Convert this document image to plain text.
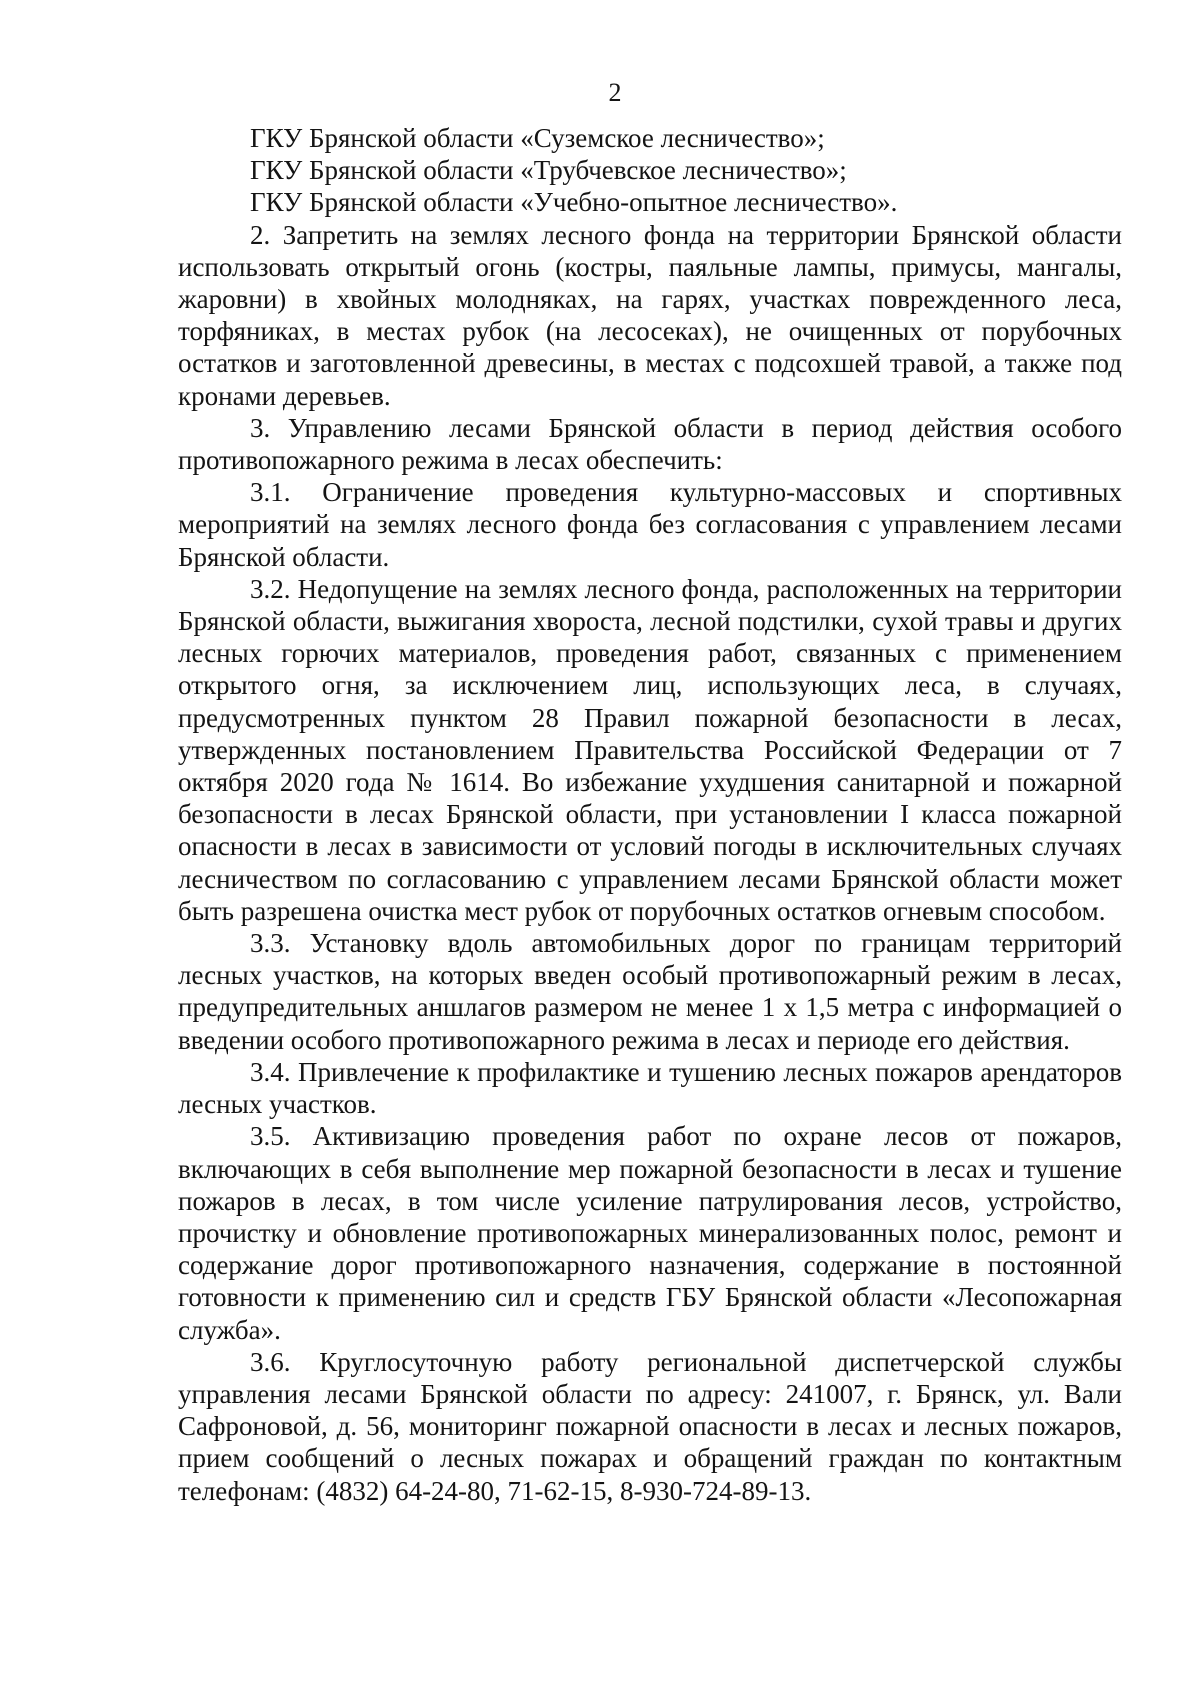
2

ГКУ Брянской области «Суземское лесничество»;

ГКУ Брянской области «Трубчевское лесничество»;

ГКУ Брянской области «Учебно-опытное лесничество».

2. Запретить на землях лесного фонда на территории Брянской области использовать открытый огонь (костры, паяльные лампы, примусы, мангалы, жаровни) в хвойных молодняках, на гарях, участках поврежденного леса, торфяниках, в местах рубок (на лесосеках), не очищенных от порубочных остатков и заготовленной древесины, в местах с подсохшей травой, а также под кронами деревьев.

3. Управлению лесами Брянской области в период действия особого противопожарного режима в лесах обеспечить:

3.1. Ограничение проведения культурно-массовых и спортивных мероприятий на землях лесного фонда без согласования с управлением лесами Брянской области.

3.2. Недопущение на землях лесного фонда, расположенных на территории Брянской области, выжигания хвороста, лесной подстилки, сухой травы и других лесных горючих материалов, проведения работ, связанных с применением открытого огня, за исключением лиц, использующих леса, в случаях, предусмотренных пунктом 28 Правил пожарной безопасности в лесах, утвержденных постановлением Правительства Российской Федерации от 7 октября 2020 года № 1614. Во избежание ухудшения санитарной и пожарной безопасности в лесах Брянской области, при установлении I класса пожарной опасности в лесах в зависимости от условий погоды в исключительных случаях лесничеством по согласованию с управлением лесами Брянской области может быть разрешена очистка мест рубок от порубочных остатков огневым способом.

3.3. Установку вдоль автомобильных дорог по границам территорий лесных участков, на которых введен особый противопожарный режим в лесах, предупредительных аншлагов размером не менее 1 х 1,5 метра с информацией о введении особого противопожарного режима в лесах и периоде его действия.

3.4. Привлечение к профилактике и тушению лесных пожаров арендаторов лесных участков.

3.5. Активизацию проведения работ по охране лесов от пожаров, включающих в себя выполнение мер пожарной безопасности в лесах и тушение пожаров в лесах, в том числе усиление патрулирования лесов, устройство, прочистку и обновление противопожарных минерализованных полос, ремонт и содержание дорог противопожарного назначения, содержание в постоянной готовности к применению сил и средств ГБУ Брянской области «Лесопожарная служба».

3.6. Круглосуточную работу региональной диспетчерской службы управления лесами Брянской области по адресу: 241007, г. Брянск, ул. Вали Сафроновой, д. 56, мониторинг пожарной опасности в лесах и лесных пожаров, прием сообщений о лесных пожарах и обращений граждан по контактным телефонам: (4832) 64-24-80, 71-62-15, 8-930-724-89-13.
